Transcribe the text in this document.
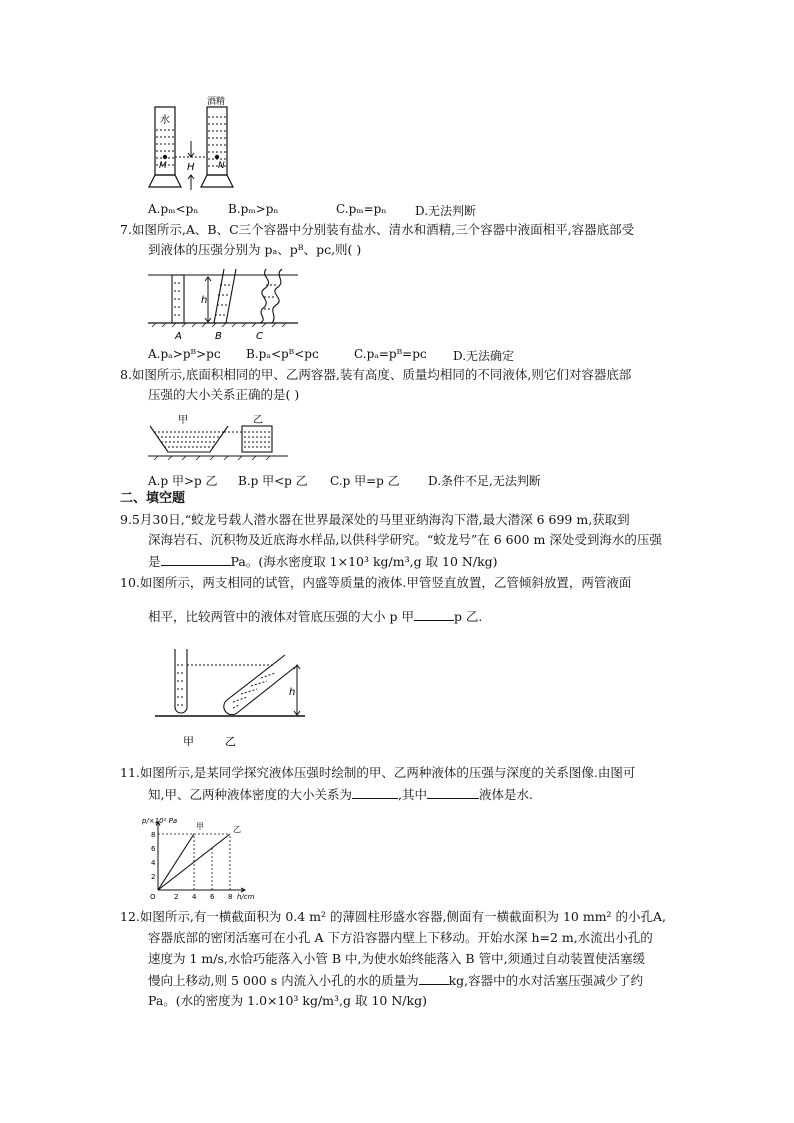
水
酒精
M	N
H
A.pₘ<pₙ B.pₘ>pₙ	C.pₘ=pₙ D.无法判断
7.如图所示,A、B、C三个容器中分别装有盐水、清水和酒精,三个容器中液面相平,容器底部受
到液体的压强分别为 pₐ、pᴮ、pᴄ,则( )
h
A	B	C
A.pₐ>pᴮ>pᴄ B.pₐ<pᴮ<pᴄ	C.pₐ=pᴮ=pᴄ D.无法确定
8.如图所示,底面积相同的甲、乙两容器,装有高度、质量均相同的不同液体,则它们对容器底部
压强的大小关系正确的是( )
甲	乙
A.p 甲>p 乙 B.p 甲<p 乙 C.p 甲=p 乙 D.条件不足,无法判断
二、填空题
9.5月30日,“蛟龙号载人潜水器在世界最深处的马里亚纳海沟下潜,最大潜深 6 699 m,获取到
深海岩石、沉积物及近底海水样品,以供科学研究。“蛟龙号”在 6 600 m 深处受到海水的压强
是	Pa。(海水密度取 1×10³ kg/m³,g 取 10 N/kg)
10.如图所示，两支相同的试管，内盛等质量的液体.甲管竖直放置，乙管倾斜放置，两管液面
相平，比较两管中的液体对管底压强的大小 p 甲	p 乙.
h
甲	乙
11.如图所示,是某同学探究液体压强时绘制的甲、乙两种液体的压强与深度的关系图像.由图可
知,甲、乙两种液体密度的大小关系为	,其中	液体是水.
p/×10² Pa
h/cm
O	2 4 6 8
2
4
6
8
甲	乙
12.如图所示,有一横截面积为 0.4 m² 的薄圆柱形盛水容器,侧面有一横截面积为 10 mm² 的小孔A,
容器底部的密闭活塞可在小孔 A 下方沿容器内壁上下移动。开始水深 h=2 m,水流出小孔的
速度为 1 m/s,水恰巧能落入小管 B 中,为使水始终能落入 B 管中,须通过自动装置使活塞缓
慢向上移动,则 5 000 s 内流入小孔的水的质量为 kg,容器中的水对活塞压强减少了约
Pa。(水的密度为 1.0×10³ kg/m³,g 取 10 N/kg)
